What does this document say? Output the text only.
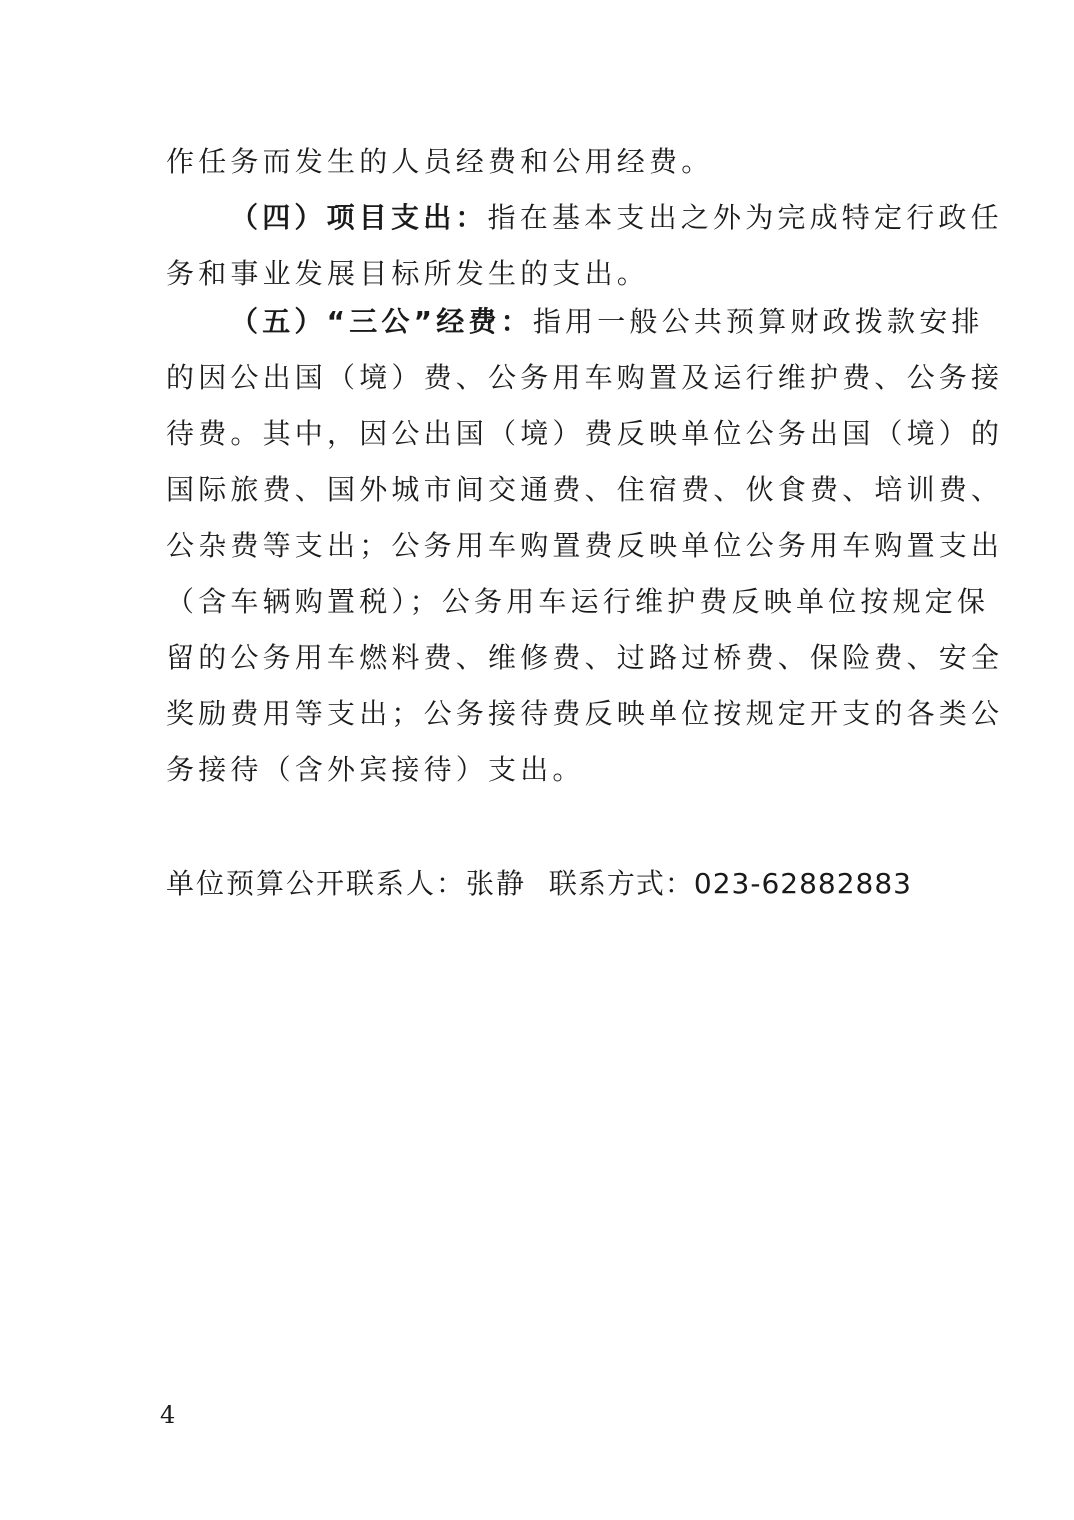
作任务而发生的人员经费和公用经费。
（四）项目支出：指在基本支出之外为完成特定行政任
务和事业发展目标所发生的支出。
（五）“三公”经费：指用一般公共预算财政拨款安排
的因公出国（境）费、公务用车购置及运行维护费、公务接
待费。其中，因公出国（境）费反映单位公务出国（境）的
国际旅费、国外城市间交通费、住宿费、伙食费、培训费、
公杂费等支出；公务用车购置费反映单位公务用车购置支出
（含车辆购置税）；公务用车运行维护费反映单位按规定保
留的公务用车燃料费、维修费、过路过桥费、保险费、安全
奖励费用等支出；公务接待费反映单位按规定开支的各类公
务接待（含外宾接待）支出。
单位预算公开联系人：张静 联系方式：023-62882883
4
